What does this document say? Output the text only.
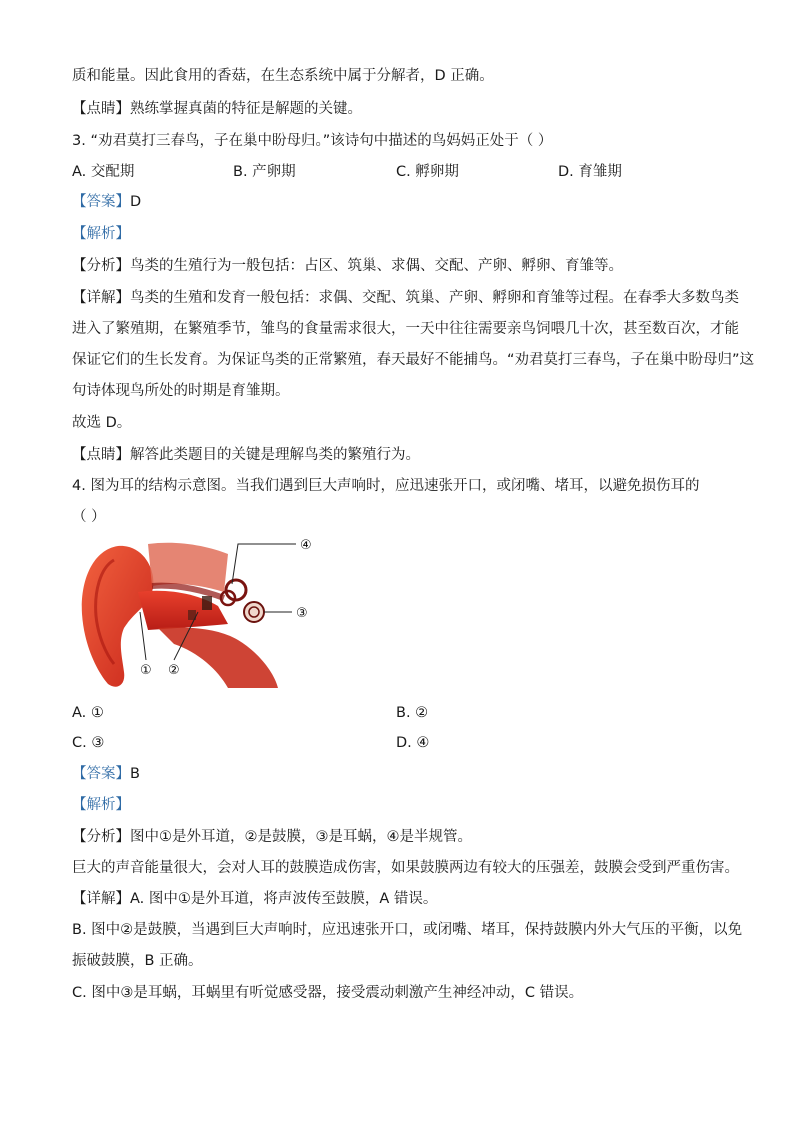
质和能量。因此食用的香菇，在生态系统中属于分解者，D 正确。
【点睛】熟练掌握真菌的特征是解题的关键。
3. “劝君莫打三春鸟，子在巢中盼母归。”该诗句中描述的鸟妈妈正处于（ ）
A. 交配期	B. 产卵期	C. 孵卵期	D. 育雏期
【答案】D
【解析】
【分析】鸟类的生殖行为一般包括：占区、筑巢、求偶、交配、产卵、孵卵、育雏等。
【详解】鸟类的生殖和发育一般包括：求偶、交配、筑巢、产卵、孵卵和育雏等过程。在春季大多数鸟类
进入了繁殖期，在繁殖季节，雏鸟的食量需求很大，一天中往往需要亲鸟饲喂几十次，甚至数百次，才能
保证它们的生长发育。为保证鸟类的正常繁殖，春天最好不能捕鸟。“劝君莫打三春鸟，子在巢中盼母归”这
句诗体现鸟所处的时期是育雏期。
故选 D。
【点睛】解答此类题目的关键是理解鸟类的繁殖行为。
4. 图为耳的结构示意图。当我们遇到巨大声响时，应迅速张开口，或闭嘴、堵耳，以避免损伤耳的
（ ）
④
③
① ②
A. ①	B. ②
C. ③	D. ④
【答案】B
【解析】
【分析】图中①是外耳道，②是鼓膜，③是耳蜗，④是半规管。
巨大的声音能量很大，会对人耳的鼓膜造成伤害，如果鼓膜两边有较大的压强差，鼓膜会受到严重伤害。
【详解】A. 图中①是外耳道，将声波传至鼓膜，A 错误。
B. 图中②是鼓膜，当遇到巨大声响时，应迅速张开口，或闭嘴、堵耳，保持鼓膜内外大气压的平衡，以免
振破鼓膜，B 正确。
C. 图中③是耳蜗，耳蜗里有听觉感受器，接受震动刺激产生神经冲动，C 错误。
